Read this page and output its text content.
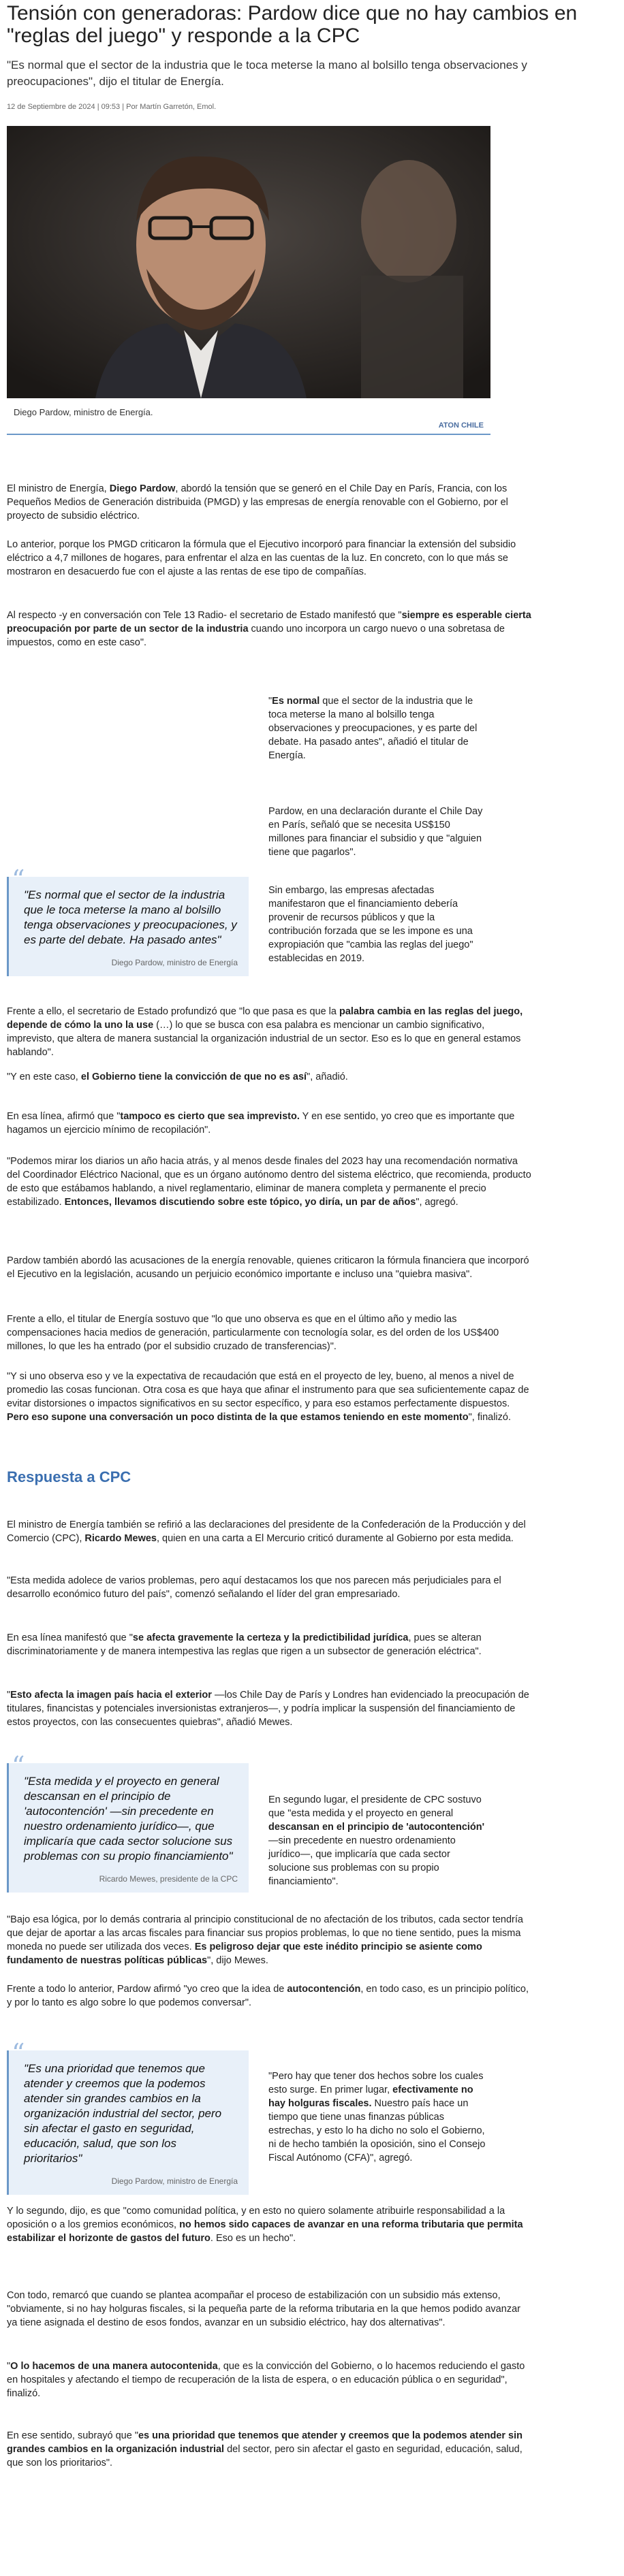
Tensión con generadoras: Pardow dice que no hay cambios en "reglas del juego" y responde a la CPC

"Es normal que el sector de la industria que le toca meterse la mano al bolsillo tenga observaciones y preocupaciones", dijo el titular de Energía.

12 de Septiembre de 2024 | 09:53 | Por Martín Garretón, Emol.
Diego Pardow, ministro de Energía.
ATON CHILE

El ministro de Energía, Diego Pardow, abordó la tensión que se generó en el Chile Day en París, Francia, con los Pequeños Medios de Generación distribuida (PMGD) y las empresas de energía renovable con el Gobierno, por el proyecto de subsidio eléctrico.

Lo anterior, porque los PMGD criticaron la fórmula que el Ejecutivo incorporó para financiar la extensión del subsidio eléctrico a 4,7 millones de hogares, para enfrentar el alza en las cuentas de la luz. En concreto, con lo que más se mostraron en desacuerdo fue con el ajuste a las rentas de ese tipo de compañías.

Al respecto -y en conversación con Tele 13 Radio- el secretario de Estado manifestó que "siempre es esperable cierta preocupación por parte de un sector de la industria cuando uno incorpora un cargo nuevo o una sobretasa de impuestos, como en este caso".

"Es normal que el sector de la industria que le toca meterse la mano al bolsillo tenga observaciones y preocupaciones, y es parte del debate. Ha pasado antes", añadió el titular de Energía.

Pardow, en una declaración durante el Chile Day en París, señaló que se necesita US$150 millones para financiar el subsidio y que "alguien tiene que pagarlos".

Sin embargo, las empresas afectadas manifestaron que el financiamiento debería provenir de recursos públicos y que la contribución forzada que se les impone es una expropiación que "cambia las reglas del juego" establecidas en 2019.

“
"Es normal que el sector de la industria que le toca meterse la mano al bolsillo tenga observaciones y preocupaciones, y es parte del debate. Ha pasado antes"
Diego Pardow, ministro de Energía

Frente a ello, el secretario de Estado profundizó que "lo que pasa es que la palabra cambia en las reglas del juego, depende de cómo la uno la use (…) lo que se busca con esa palabra es mencionar un cambio significativo, imprevisto, que altera de manera sustancial la organización industrial de un sector. Eso es lo que en general estamos hablando".

"Y en este caso, el Gobierno tiene la convicción de que no es así", añadió.

En esa línea, afirmó que "tampoco es cierto que sea imprevisto. Y en ese sentido, yo creo que es importante que hagamos un ejercicio mínimo de recopilación".

"Podemos mirar los diarios un año hacia atrás, y al menos desde finales del 2023 hay una recomendación normativa del Coordinador Eléctrico Nacional, que es un órgano autónomo dentro del sistema eléctrico, que recomienda, producto de esto que estábamos hablando, a nivel reglamentario, eliminar de manera completa y permanente el precio estabilizado. Entonces, llevamos discutiendo sobre este tópico, yo diría, un par de años", agregó.

Pardow también abordó las acusaciones de la energía renovable, quienes criticaron la fórmula financiera que incorporó el Ejecutivo en la legislación, acusando un perjuicio económico importante e incluso una "quiebra masiva".

Frente a ello, el titular de Energía sostuvo que "lo que uno observa es que en el último año y medio las compensaciones hacia medios de generación, particularmente con tecnología solar, es del orden de los US$400 millones, lo que les ha entrado (por el subsidio cruzado de transferencias)".

"Y si uno observa eso y ve la expectativa de recaudación que está en el proyecto de ley, bueno, al menos a nivel de promedio las cosas funcionan. Otra cosa es que haya que afinar el instrumento para que sea suficientemente capaz de evitar distorsiones o impactos significativos en su sector específico, y para eso estamos perfectamente dispuestos. Pero eso supone una conversación un poco distinta de la que estamos teniendo en este momento", finalizó.

Respuesta a CPC

El ministro de Energía también se refirió a las declaraciones del presidente de la Confederación de la Producción y del Comercio (CPC), Ricardo Mewes, quien en una carta a El Mercurio criticó duramente al Gobierno por esta medida.

"Esta medida adolece de varios problemas, pero aquí destacamos los que nos parecen más perjudiciales para el desarrollo económico futuro del país", comenzó señalando el líder del gran empresariado.

En esa línea manifestó que "se afecta gravemente la certeza y la predictibilidad jurídica, pues se alteran discriminatoriamente y de manera intempestiva las reglas que rigen a un subsector de generación eléctrica".

"Esto afecta la imagen país hacia el exterior —los Chile Day de París y Londres han evidenciado la preocupación de titulares, financistas y potenciales inversionistas extranjeros—, y podría implicar la suspensión del financiamiento de estos proyectos, con las consecuentes quiebras", añadió Mewes.

“
"Esta medida y el proyecto en general descansan en el principio de 'autocontención' —sin precedente en nuestro ordenamiento jurídico—, que implicaría que cada sector solucione sus problemas con su propio financiamiento"
Ricardo Mewes, presidente de la CPC

En segundo lugar, el presidente de CPC sostuvo que "esta medida y el proyecto en general descansan en el principio de 'autocontención' —sin precedente en nuestro ordenamiento jurídico—, que implicaría que cada sector solucione sus problemas con su propio financiamiento".

"Bajo esa lógica, por lo demás contraria al principio constitucional de no afectación de los tributos, cada sector tendría que dejar de aportar a las arcas fiscales para financiar sus propios problemas, lo que no tiene sentido, pues la misma moneda no puede ser utilizada dos veces. Es peligroso dejar que este inédito principio se asiente como fundamento de nuestras políticas públicas", dijo Mewes.

Frente a todo lo anterior, Pardow afirmó "yo creo que la idea de autocontención, en todo caso, es un principio político, y por lo tanto es algo sobre lo que podemos conversar".

“
"Es una prioridad que tenemos que atender y creemos que la podemos atender sin grandes cambios en la organización industrial del sector, pero sin afectar el gasto en seguridad, educación, salud, que son los prioritarios"
Diego Pardow, ministro de Energía

"Pero hay que tener dos hechos sobre los cuales esto surge. En primer lugar, efectivamente no hay holguras fiscales. Nuestro país hace un tiempo que tiene unas finanzas públicas estrechas, y esto lo ha dicho no solo el Gobierno, ni de hecho también la oposición, sino el Consejo Fiscal Autónomo (CFA)", agregó.

Y lo segundo, dijo, es que "como comunidad política, y en esto no quiero solamente atribuirle responsabilidad a la oposición o a los gremios económicos, no hemos sido capaces de avanzar en una reforma tributaria que permita estabilizar el horizonte de gastos del futuro. Eso es un hecho".

Con todo, remarcó que cuando se plantea acompañar el proceso de estabilización con un subsidio más extenso, "obviamente, si no hay holguras fiscales, si la pequeña parte de la reforma tributaria en la que hemos podido avanzar ya tiene asignada el destino de esos fondos, avanzar en un subsidio eléctrico, hay dos alternativas".

"O lo hacemos de una manera autocontenida, que es la convicción del Gobierno, o lo hacemos reduciendo el gasto en hospitales y afectando el tiempo de recuperación de la lista de espera, o en educación pública o en seguridad", finalizó.

En ese sentido, subrayó que "es una prioridad que tenemos que atender y creemos que la podemos atender sin grandes cambios en la organización industrial del sector, pero sin afectar el gasto en seguridad, educación, salud, que son los prioritarios".
